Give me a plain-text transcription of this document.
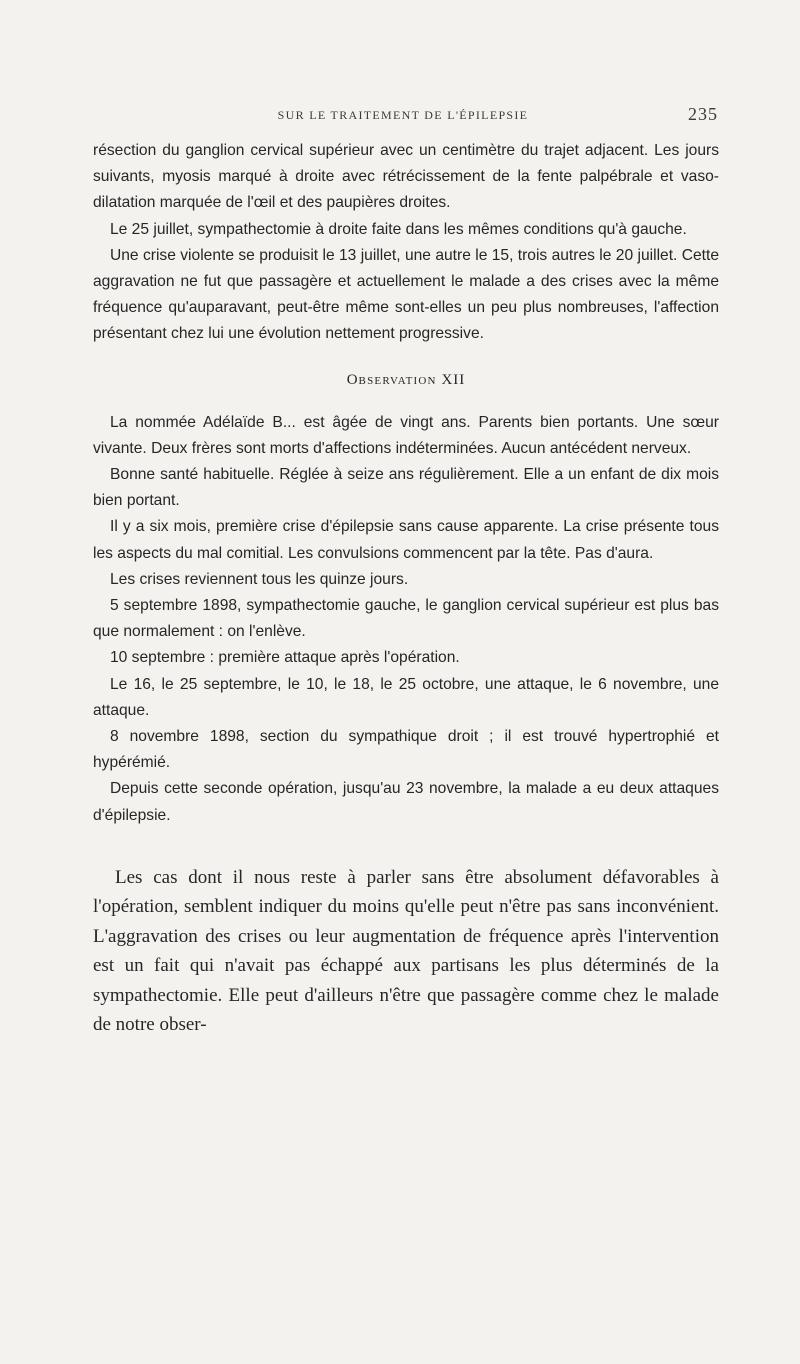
SUR LE TRAITEMENT DE L'ÉPILEPSIE	235

résection du ganglion cervical supérieur avec un centimètre du trajet adjacent. Les jours suivants, myosis marqué à droite avec rétrécissement de la fente palpébrale et vaso-dilatation marquée de l'œil et des paupières droites.

Le 25 juillet, sympathectomie à droite faite dans les mêmes conditions qu'à gauche.

Une crise violente se produisit le 13 juillet, une autre le 15, trois autres le 20 juillet. Cette aggravation ne fut que passagère et actuellement le malade a des crises avec la même fréquence qu'auparavant, peut-être même sont-elles un peu plus nombreuses, l'affection présentant chez lui une évolution nettement progressive.

OBSERVATION XII

La nommée Adélaïde B... est âgée de vingt ans. Parents bien portants. Une sœur vivante. Deux frères sont morts d'affections indéterminées. Aucun antécédent nerveux.

Bonne santé habituelle. Réglée à seize ans régulièrement. Elle a un enfant de dix mois bien portant.

Il y a six mois, première crise d'épilepsie sans cause apparente. La crise présente tous les aspects du mal comitial. Les convulsions commencent par la tête. Pas d'aura.

Les crises reviennent tous les quinze jours.

5 septembre 1898, sympathectomie gauche, le ganglion cervical supérieur est plus bas que normalement : on l'enlève.

10 septembre : première attaque après l'opération.

Le 16, le 25 septembre, le 10, le 18, le 25 octobre, une attaque, le 6 novembre, une attaque.

8 novembre 1898, section du sympathique droit ; il est trouvé hypertrophié et hypérémié.

Depuis cette seconde opération, jusqu'au 23 novembre, la malade a eu deux attaques d'épilepsie.

Les cas dont il nous reste à parler sans être absolument défavorables à l'opération, semblent indiquer du moins qu'elle peut n'être pas sans inconvénient. L'aggravation des crises ou leur augmentation de fréquence après l'intervention est un fait qui n'avait pas échappé aux partisans les plus déterminés de la sympathectomie. Elle peut d'ailleurs n'être que passagère comme chez le malade de notre obser-
